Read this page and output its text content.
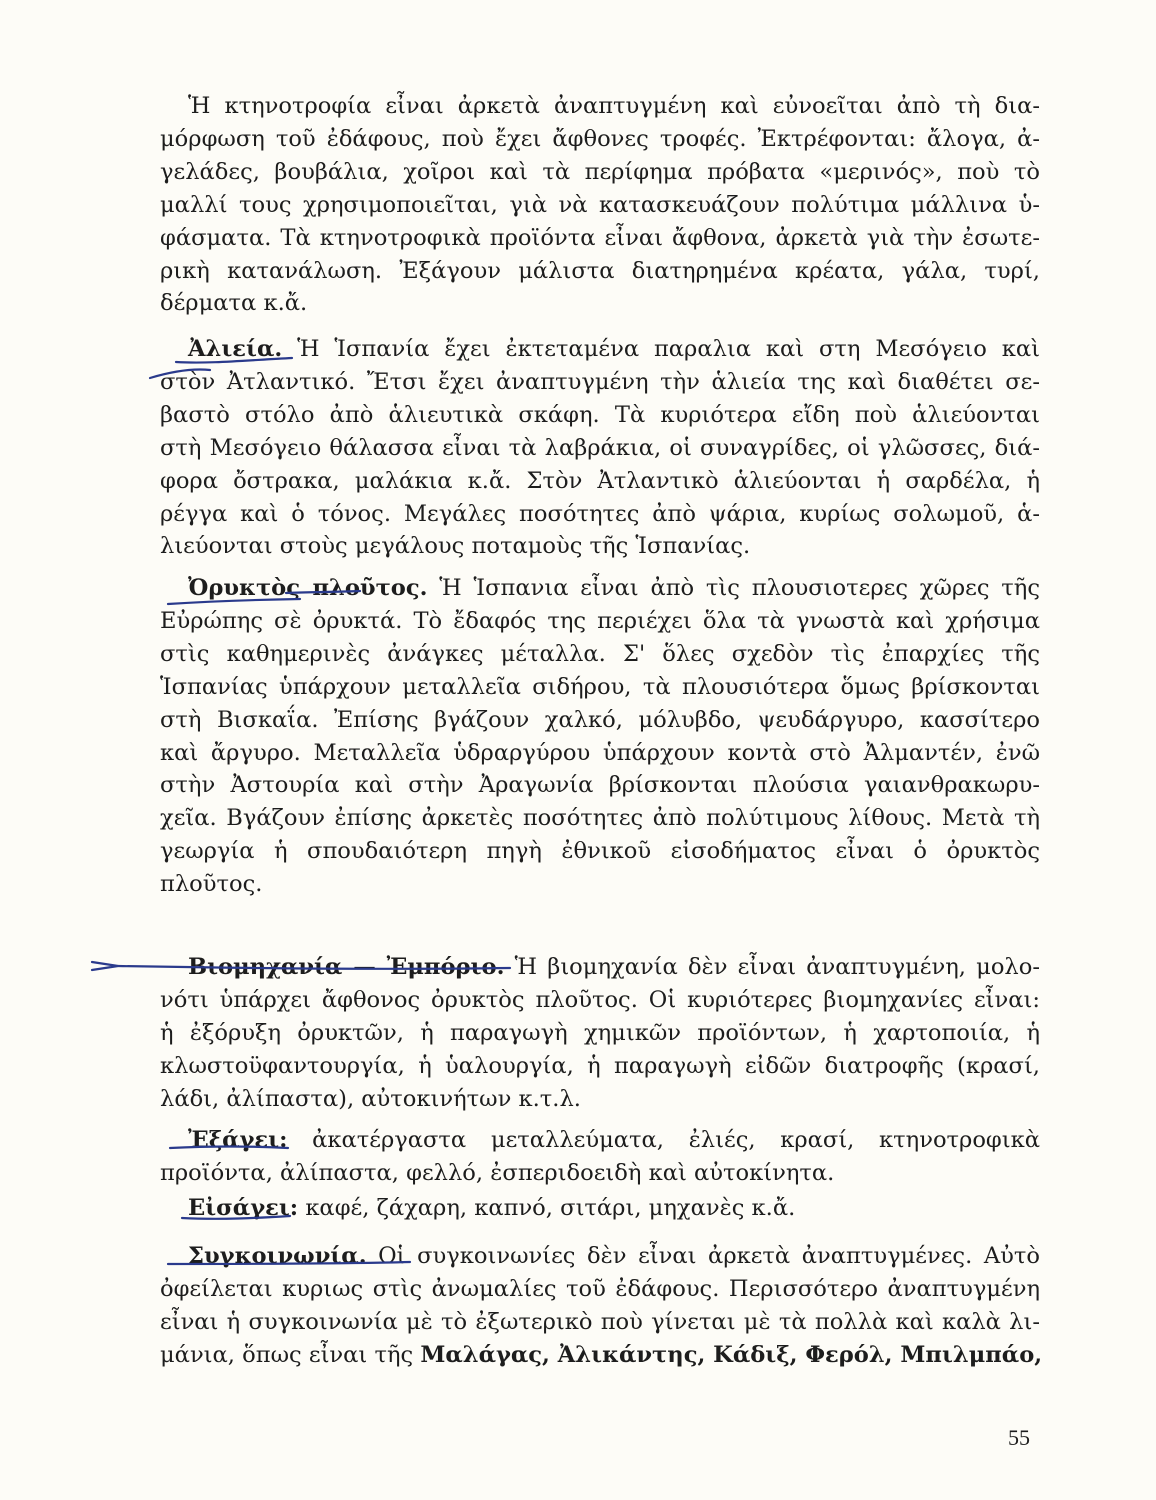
Ἡ κτηνοτροφία εἶναι ἀρκετὰ ἀναπτυγμένη καὶ εὐνοεῖται ἀπὸ τὴ δια-
μόρφωση τοῦ ἐδάφους, ποὺ ἔχει ἄφθονες τροφές. Ἐκτρέφονται: ἄλογα, ἀ-
γελάδες, βουβάλια, χοῖροι καὶ τὰ περίφημα πρόβατα «μερινός», ποὺ τὸ
μαλλί τους χρησιμοποιεῖται, γιὰ νὰ κατασκευάζουν πολύτιμα μάλλινα ὑ-
φάσματα. Τὰ κτηνοτροφικὰ προϊόντα εἶναι ἄφθονα, ἀρκετὰ γιὰ τὴν ἐσωτε-
ρικὴ κατανάλωση. Ἐξάγουν μάλιστα διατηρημένα κρέατα, γάλα, τυρί,
δέρματα κ.ἄ.
Ἀλιεία. Ἡ Ἱσπανία ἔχει ἐκτεταμένα παραλια καὶ στη Μεσόγειο καὶ
στὸν Ἀτλαντικό. Ἔτσι ἔχει ἀναπτυγμένη τὴν ἁλιεία της καὶ διαθέτει σε-
βαστὸ στόλο ἀπὸ ἁλιευτικὰ σκάφη. Τὰ κυριότερα εἴδη ποὺ ἁλιεύονται
στὴ Μεσόγειο θάλασσα εἶναι τὰ λαβράκια, οἱ συναγρίδες, οἱ γλῶσσες, διά-
φορα ὄστρακα, μαλάκια κ.ἄ. Στὸν Ἀτλαντικὸ ἁλιεύονται ἡ σαρδέλα, ἡ
ρέγγα καὶ ὁ τόνος. Μεγάλες ποσότητες ἀπὸ ψάρια, κυρίως σολωμοῦ, ἁ-
λιεύονται στοὺς μεγάλους ποταμοὺς τῆς Ἱσπανίας.
Ὀρυκτὸς πλοῦτος. Ἡ Ἱσπανια εἶναι ἀπὸ τὶς πλουσιοτερες χῶρες τῆς
Εὐρώπης σὲ ὀρυκτά. Τὸ ἔδαφός της περιέχει ὅλα τὰ γνωστὰ καὶ χρήσιμα
στὶς καθημερινὲς ἀνάγκες μέταλλα. Σ' ὅλες σχεδὸν τὶς ἐπαρχίες τῆς
Ἱσπανίας ὑπάρχουν μεταλλεῖα σιδήρου, τὰ πλουσιότερα ὅμως βρίσκονται
στὴ Βισκαΐα. Ἐπίσης βγάζουν χαλκό, μόλυβδο, ψευδάργυρο, κασσίτερο
καὶ ἄργυρο. Μεταλλεῖα ὑδραργύρου ὑπάρχουν κοντὰ στὸ Ἀλμαντέν, ἐνῶ
στὴν Ἀστουρία καὶ στὴν Ἀραγωνία βρίσκονται πλούσια γαιανθρακωρυ-
χεῖα. Βγάζουν ἐπίσης ἀρκετὲς ποσότητες ἀπὸ πολύτιμους λίθους. Μετὰ τὴ
γεωργία ἡ σπουδαιότερη πηγὴ ἐθνικοῦ εἰσοδήματος εἶναι ὁ ὀρυκτὸς
πλοῦτος.
Βιομηχανία — Ἐμπόριο. Ἡ βιομηχανία δὲν εἶναι ἀναπτυγμένη, μολο-
νότι ὑπάρχει ἄφθονος ὀρυκτὸς πλοῦτος. Οἱ κυριότερες βιομηχανίες εἶναι:
ἡ ἐξόρυξη ὀρυκτῶν, ἡ παραγωγὴ χημικῶν προϊόντων, ἡ χαρτοποιία, ἡ
κλωστοϋφαντουργία, ἡ ὑαλουργία, ἡ παραγωγὴ εἰδῶν διατροφῆς (κρασί,
λάδι, ἀλίπαστα), αὐτοκινήτων κ.τ.λ.
Ἐξάγει: ἀκατέργαστα μεταλλεύματα, ἐλιές, κρασί, κτηνοτροφικὰ
προϊόντα, ἀλίπαστα, φελλό, ἐσπεριδοειδὴ καὶ αὐτοκίνητα.
Εἰσάγει: καφέ, ζάχαρη, καπνό, σιτάρι, μηχανὲς κ.ἄ.
Συγκοινωνία. Οἱ συγκοινωνίες δὲν εἶναι ἀρκετὰ ἀναπτυγμένες. Αὐτὸ
ὀφείλεται κυριως στὶς ἀνωμαλίες τοῦ ἐδάφους. Περισσότερο ἀναπτυγμένη
εἶναι ἡ συγκοινωνία μὲ τὸ ἐξωτερικὸ ποὺ γίνεται μὲ τὰ πολλὰ καὶ καλὰ λι-
μάνια, ὅπως εἶναι τῆς Μαλάγας, Ἀλικάντης, Κάδιξ, Φερόλ, Μπιλμπάο,
55
